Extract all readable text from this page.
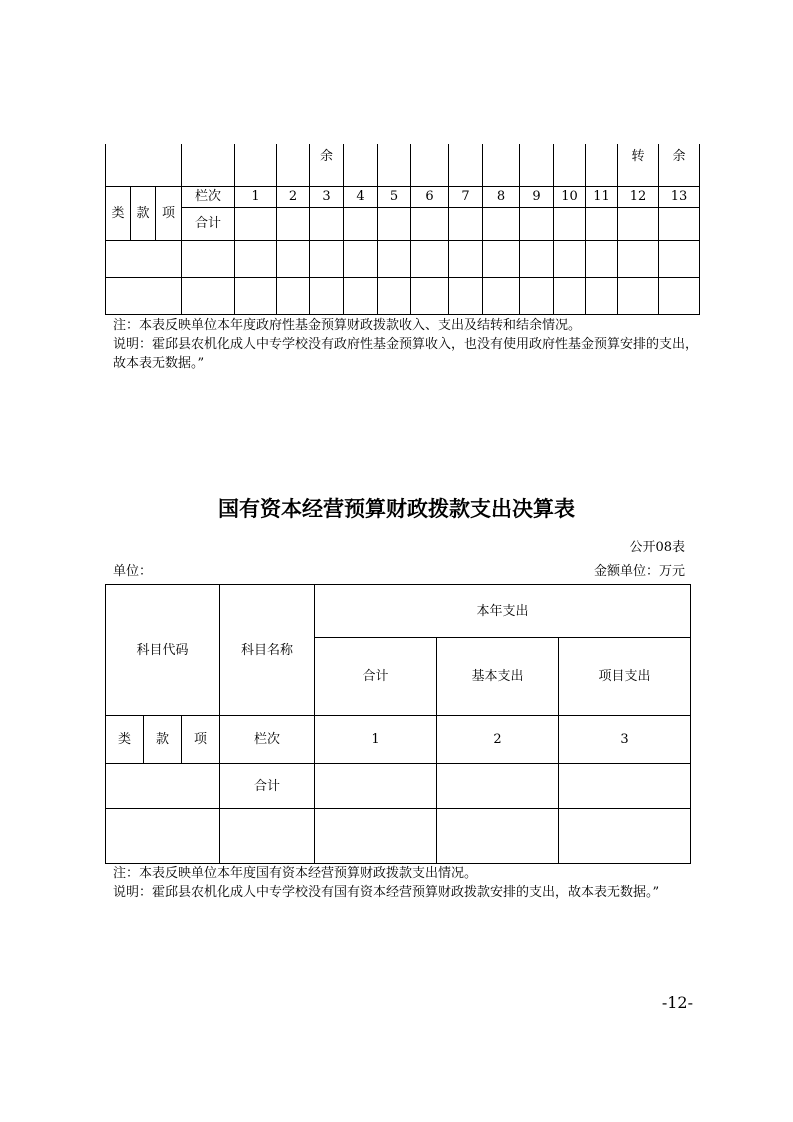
						余									转	余
类	款	项	栏次	1	2	3	4	5	6	7	8	9	10	11	12	13
			合计													

注：本表反映单位本年度政府性基金预算财政拨款收入、支出及结转和结余情况。

说明：霍邱县农机化成人中专学校没有政府性基金预算收入，也没有使用政府性基金预算安排的支出，故本表无数据。”

国有资本经营预算财政拨款支出决算表

公开08表

单位：	金额单位：万元

科目代码			科目名称	本年支出		
				合计	基本支出	项目支出
类	款	项	栏次	1	2	3
			合计			

注：本表反映单位本年度国有资本经营预算财政拨款支出情况。

说明：霍邱县农机化成人中专学校没有国有资本经营预算财政拨款安排的支出，故本表无数据。”

-12-
